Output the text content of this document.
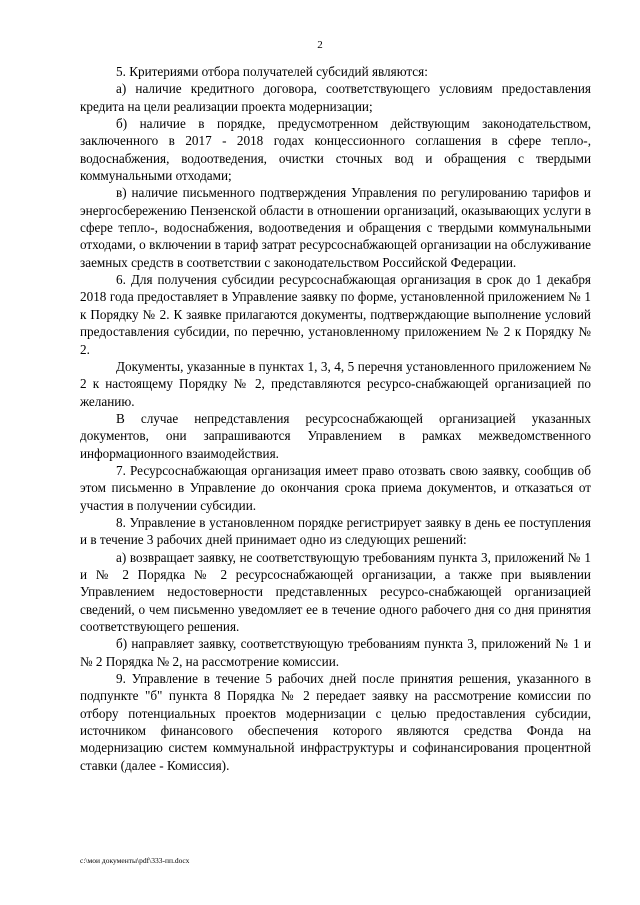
2

5. Критериями отбора получателей субсидий являются:

а) наличие кредитного договора, соответствующего условиям предоставления кредита на цели реализации проекта модернизации;

б) наличие в порядке, предусмотренном действующим законодательством, заключенного в 2017 - 2018 годах концессионного соглашения в сфере тепло-, водоснабжения, водоотведения, очистки сточных вод и обращения с твердыми коммунальными отходами;

в) наличие письменного подтверждения Управления по регулированию тарифов и энергосбережению Пензенской области в отношении организаций, оказывающих услуги в сфере тепло-, водоснабжения, водоотведения и обращения с твердыми коммунальными отходами, о включении в тариф затрат ресурсоснабжающей организации на обслуживание заемных средств в соответствии с законодательством Российской Федерации.

6. Для получения субсидии ресурсоснабжающая организация в срок до 1 декабря 2018 года предоставляет в Управление заявку по форме, установленной приложением № 1 к Порядку № 2. К заявке прилагаются документы, подтверждающие выполнение условий предоставления субсидии, по перечню, установленному приложением № 2 к Порядку № 2.

Документы, указанные в пунктах 1, 3, 4, 5 перечня установленного приложением № 2 к настоящему Порядку № 2, представляются ресурсо-снабжающей организацией по желанию.

В случае непредставления ресурсоснабжающей организацией указанных документов, они запрашиваются Управлением в рамках межведомственного информационного взаимодействия.

7. Ресурсоснабжающая организация имеет право отозвать свою заявку, сообщив об этом письменно в Управление до окончания срока приема документов, и отказаться от участия в получении субсидии.

8. Управление в установленном порядке регистрирует заявку в день ее поступления и в течение 3 рабочих дней принимает одно из следующих решений:

а) возвращает заявку, не соответствующую требованиям пункта 3, приложений № 1 и № 2 Порядка № 2 ресурсоснабжающей организации, а также при выявлении Управлением недостоверности представленных ресурсо-снабжающей организацией сведений, о чем письменно уведомляет ее в течение одного рабочего дня со дня принятия соответствующего решения.

б) направляет заявку, соответствующую требованиям пункта 3, приложений № 1 и № 2 Порядка № 2, на рассмотрение комиссии.

9. Управление в течение 5 рабочих дней после принятия решения, указанного в подпункте "б" пункта 8 Порядка № 2 передает заявку на рассмотрение комиссии по отбору потенциальных проектов модернизации с целью предоставления субсидии, источником финансового обеспечения которого являются средства Фонда на модернизацию систем коммунальной инфраструктуры и софинансирования процентной ставки (далее - Комиссия).

c:\мои документы\pdf\333-пп.docx
